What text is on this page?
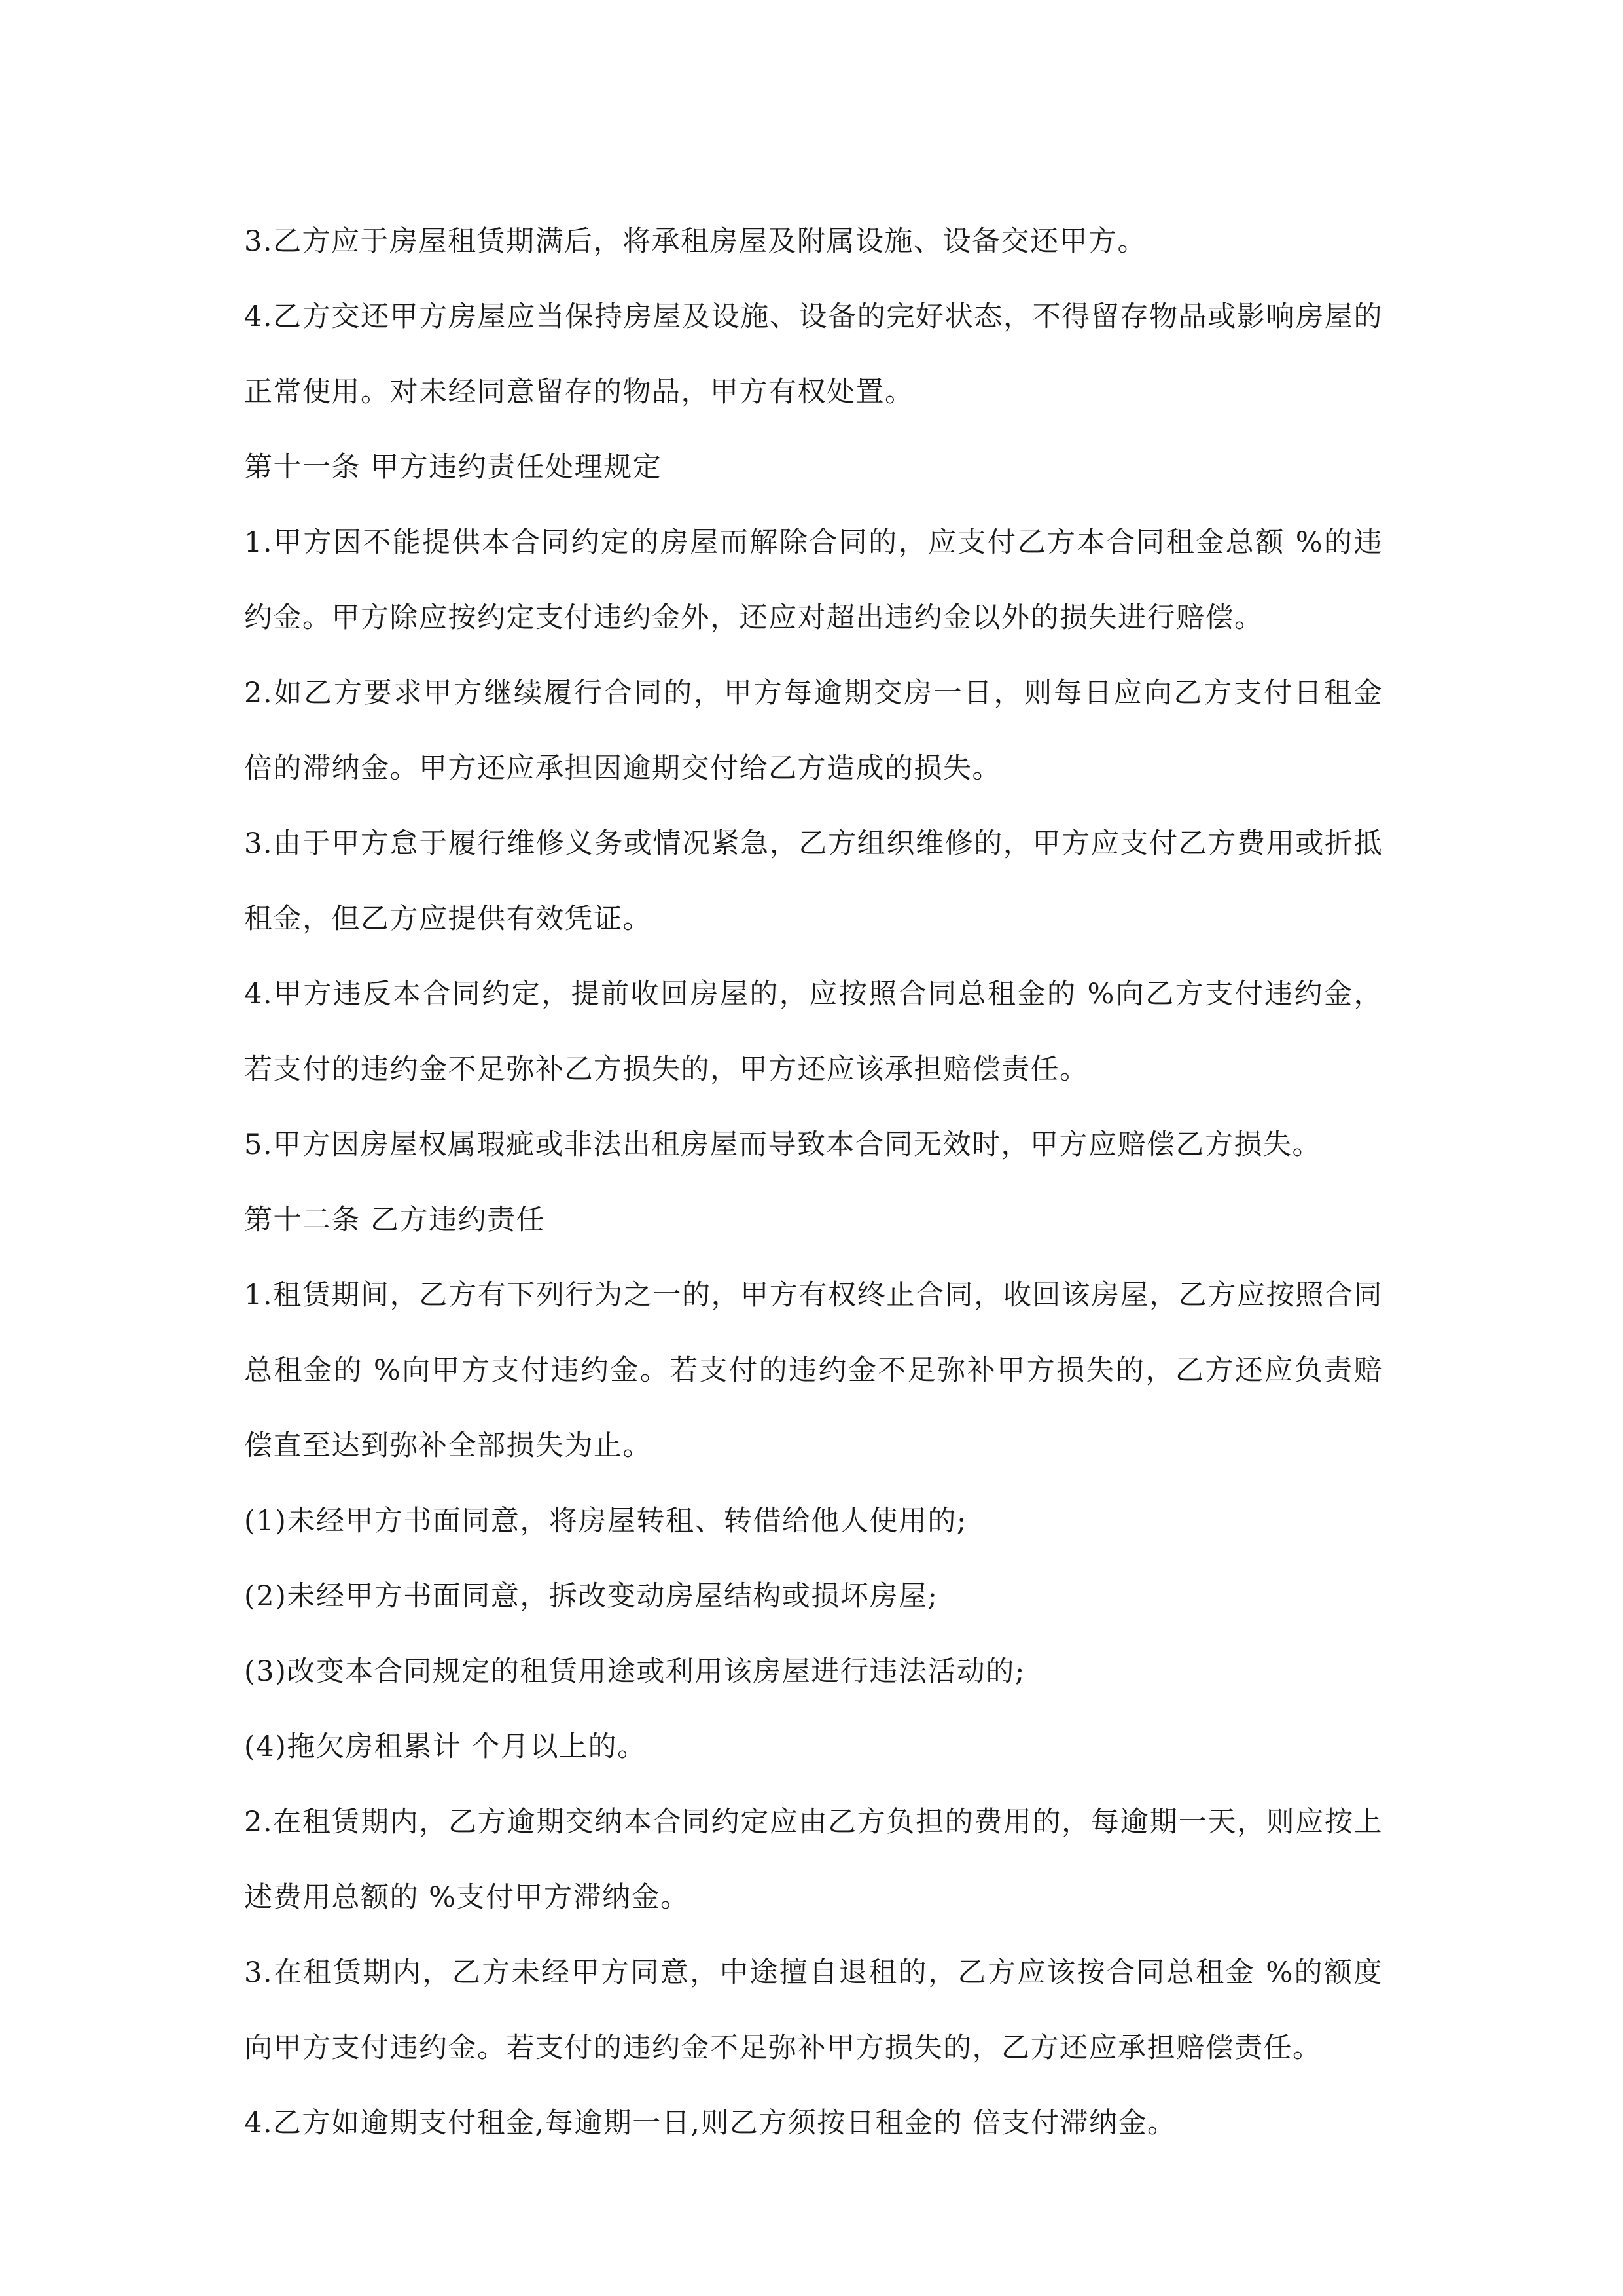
3.乙方应于房屋租赁期满后，将承租房屋及附属设施、设备交还甲方。

4.乙方交还甲方房屋应当保持房屋及设施、设备的完好状态，不得留存物品或影响房屋的正常使用。对未经同意留存的物品，甲方有权处置。

第十一条 甲方违约责任处理规定

1.甲方因不能提供本合同约定的房屋而解除合同的，应支付乙方本合同租金总额 %的违约金。甲方除应按约定支付违约金外，还应对超出违约金以外的损失进行赔偿。

2.如乙方要求甲方继续履行合同的，甲方每逾期交房一日，则每日应向乙方支付日租金 倍的滞纳金。甲方还应承担因逾期交付给乙方造成的损失。

3.由于甲方怠于履行维修义务或情况紧急，乙方组织维修的，甲方应支付乙方费用或折抵租金，但乙方应提供有效凭证。

4.甲方违反本合同约定，提前收回房屋的，应按照合同总租金的 %向乙方支付违约金，若支付的违约金不足弥补乙方损失的，甲方还应该承担赔偿责任。

5.甲方因房屋权属瑕疵或非法出租房屋而导致本合同无效时，甲方应赔偿乙方损失。

第十二条 乙方违约责任

1.租赁期间，乙方有下列行为之一的，甲方有权终止合同，收回该房屋，乙方应按照合同总租金的 %向甲方支付违约金。若支付的违约金不足弥补甲方损失的，乙方还应负责赔偿直至达到弥补全部损失为止。

(1)未经甲方书面同意，将房屋转租、转借给他人使用的;

(2)未经甲方书面同意，拆改变动房屋结构或损坏房屋;

(3)改变本合同规定的租赁用途或利用该房屋进行违法活动的;

(4)拖欠房租累计 个月以上的。

2.在租赁期内，乙方逾期交纳本合同约定应由乙方负担的费用的，每逾期一天，则应按上述费用总额的 %支付甲方滞纳金。

3.在租赁期内，乙方未经甲方同意，中途擅自退租的，乙方应该按合同总租金 %的额度向甲方支付违约金。若支付的违约金不足弥补甲方损失的，乙方还应承担赔偿责任。

4.乙方如逾期支付租金,每逾期一日,则乙方须按日租金的 倍支付滞纳金。
